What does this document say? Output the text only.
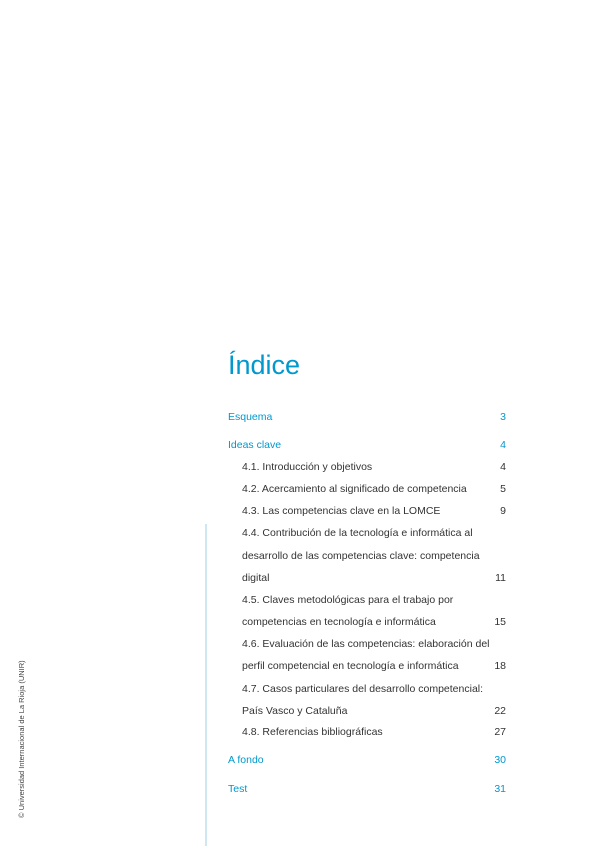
© Universidad Internacional de La Rioja (UNIR)
Índice
Esquema	3
Ideas clave	4
4.1. Introducción y objetivos	4
4.2. Acercamiento al significado de competencia	5
4.3. Las competencias clave en la LOMCE	9
4.4. Contribución de la tecnología e informática al
desarrollo de las competencias clave: competencia
digital	11
4.5. Claves metodológicas para el trabajo por
competencias en tecnología e informática	15
4.6. Evaluación de las competencias: elaboración del
perfil competencial en tecnología e informática	18
4.7. Casos particulares del desarrollo competencial:
País Vasco y Cataluña	22
4.8. Referencias bibliográficas	27
A fondo	30
Test	31
